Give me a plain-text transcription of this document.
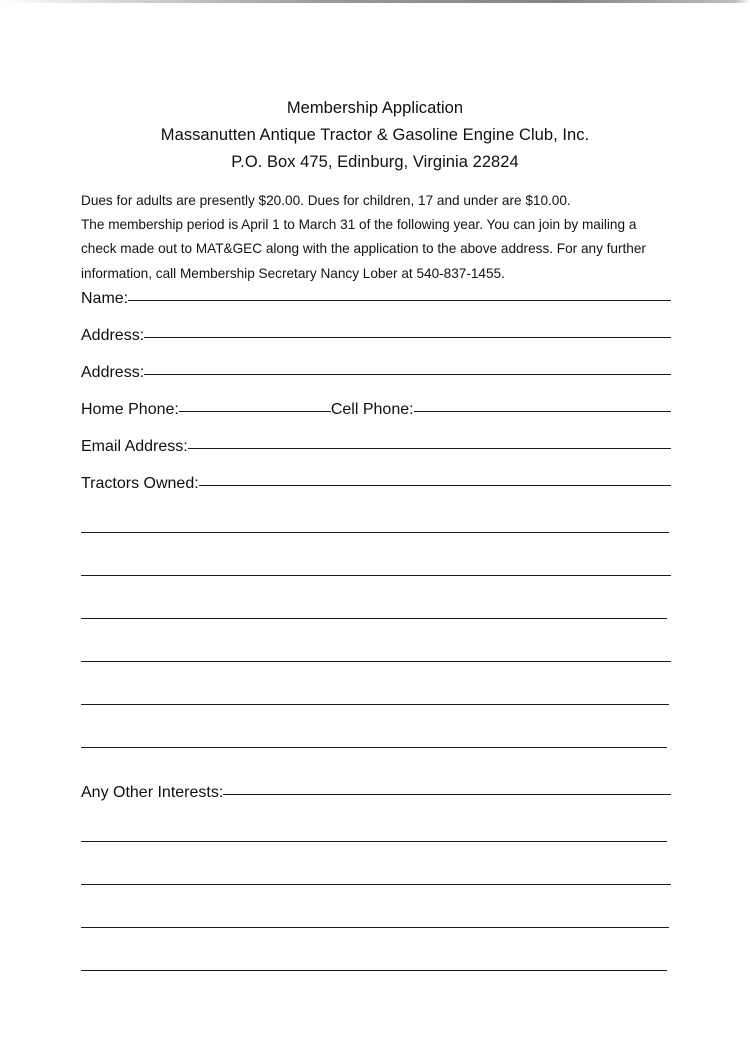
Membership Application
Massanutten Antique Tractor & Gasoline Engine Club, Inc.
P.O. Box 475, Edinburg, Virginia 22824
Dues for adults are presently $20.00. Dues for children, 17 and under are $10.00.
The membership period is April 1 to March 31 of the following year. You can join by mailing a
check made out to MAT&GEC along with the application to the above address. For any further
information, call Membership Secretary Nancy Lober at 540-837-1455.
Name:
Address:
Address:
Home Phone:	Cell Phone:
Email Address:
Tractors Owned:
Any Other Interests:
